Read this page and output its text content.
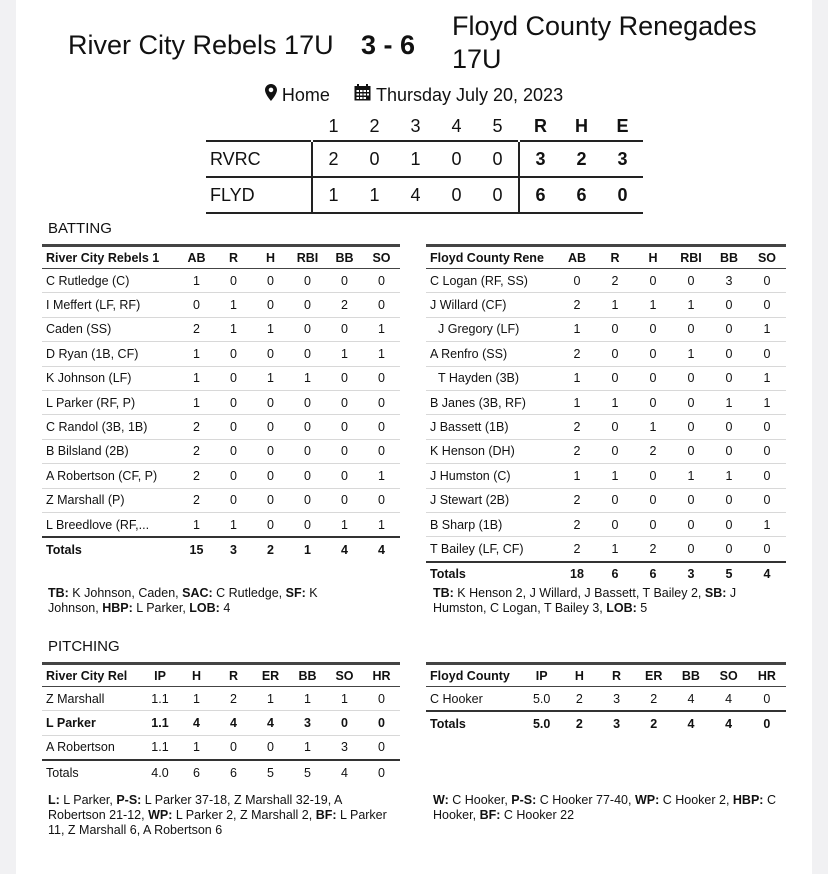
River City Rebels 17U 3 - 6
Floyd County Renegades 17U
Home	Thursday July 20, 2023
	1	2	3	4	5	R	H	E
RVRC	2	0	1	0	0	3	2	3
FLYD	1	1	4	0	0	6	6	0
BATTING
River City Rebels 1	AB	R	H	RBI	BB	SO
C Rutledge (C)	1	0	0	0	0	0
I Meffert (LF, RF)	0	1	0	0	2	0
Caden (SS)	2	1	1	0	0	1
D Ryan (1B, CF)	1	0	0	0	1	1
K Johnson (LF)	1	0	1	1	0	0
L Parker (RF, P)	1	0	0	0	0	0
C Randol (3B, 1B)	2	0	0	0	0	0
B Bilsland (2B)	2	0	0	0	0	0
A Robertson (CF, P)	2	0	0	0	0	1
Z Marshall (P)	2	0	0	0	0	0
L Breedlove (RF,...	1	1	0	0	1	1
Totals	15	3	2	1	4	4
Floyd County Rene	AB	R	H	RBI	BB	SO
C Logan (RF, SS)	0	2	0	0	3	0
J Willard (CF)	2	1	1	1	0	0
J Gregory (LF)	1	0	0	0	0	1
A Renfro (SS)	2	0	0	1	0	0
T Hayden (3B)	1	0	0	0	0	1
B Janes (3B, RF)	1	1	0	0	1	1
J Bassett (1B)	2	0	1	0	0	0
K Henson (DH)	2	0	2	0	0	0
J Humston (C)	1	1	0	1	1	0
J Stewart (2B)	2	0	0	0	0	0
B Sharp (1B)	2	0	0	0	0	1
T Bailey (LF, CF)	2	1	2	0	0	0
Totals	18	6	6	3	5	4
TB: K Johnson, Caden, SAC: C Rutledge, SF: K Johnson, HBP: L Parker, LOB: 4
TB: K Henson 2, J Willard, J Bassett, T Bailey 2, SB: J Humston, C Logan, T Bailey 3, LOB: 5
PITCHING
River City Rel	IP	H	R	ER	BB	SO	HR
Z Marshall	1.1	1	2	1	1	1	0
L Parker	1.1	4	4	4	3	0	0
A Robertson	1.1	1	0	0	1	3	0
Totals	4.0	6	6	5	5	4	0
Floyd County	IP	H	R	ER	BB	SO	HR
C Hooker	5.0	2	3	2	4	4	0
Totals	5.0	2	3	2	4	4	0
L: L Parker, P-S: L Parker 37-18, Z Marshall 32-19, A Robertson 21-12, WP: L Parker 2, Z Marshall 2, BF: L Parker 11, Z Marshall 6, A Robertson 6
W: C Hooker, P-S: C Hooker 77-40, WP: C Hooker 2, HBP: C Hooker, BF: C Hooker 22
